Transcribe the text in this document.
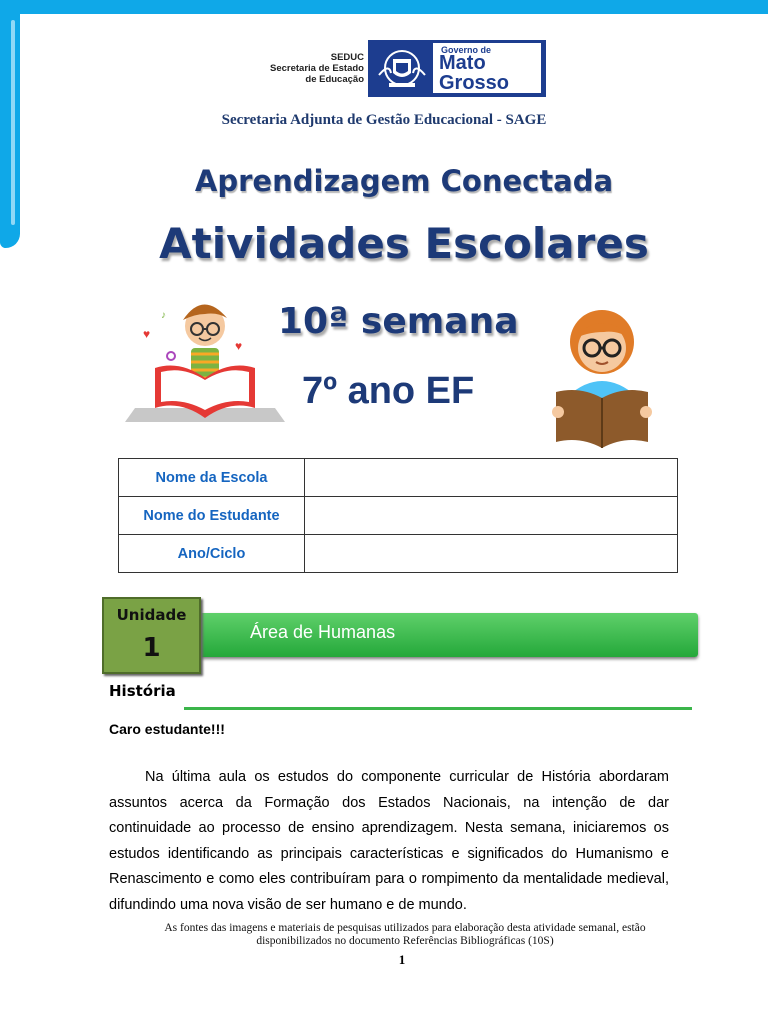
SEDUC
Secretaria de Estado
de Educação
Governo de
Mato
Grosso
Secretaria Adjunta de Gestão Educacional - SAGE
Aprendizagem Conectada
Atividades Escolares
10ª semana
7º ano EF
♥
♥
♪
Nome da Escola	
Nome do Estudante	
Ano/Ciclo	
Área de Humanas
Unidade
1
História
Caro estudante!!!
Na última aula os estudos do componente curricular de História abordaram assuntos acerca da Formação dos Estados Nacionais, na intenção de dar continuidade ao processo de ensino aprendizagem. Nesta semana, iniciaremos os estudos identificando as principais características e significados do Humanismo e Renascimento e como eles contribuíram para o rompimento da mentalidade medieval, difundindo uma nova visão de ser humano e de mundo.
As fontes das imagens e materiais de pesquisas utilizados para elaboração desta atividade semanal, estão
disponibilizados no documento Referências Bibliográficas (10S)
1
